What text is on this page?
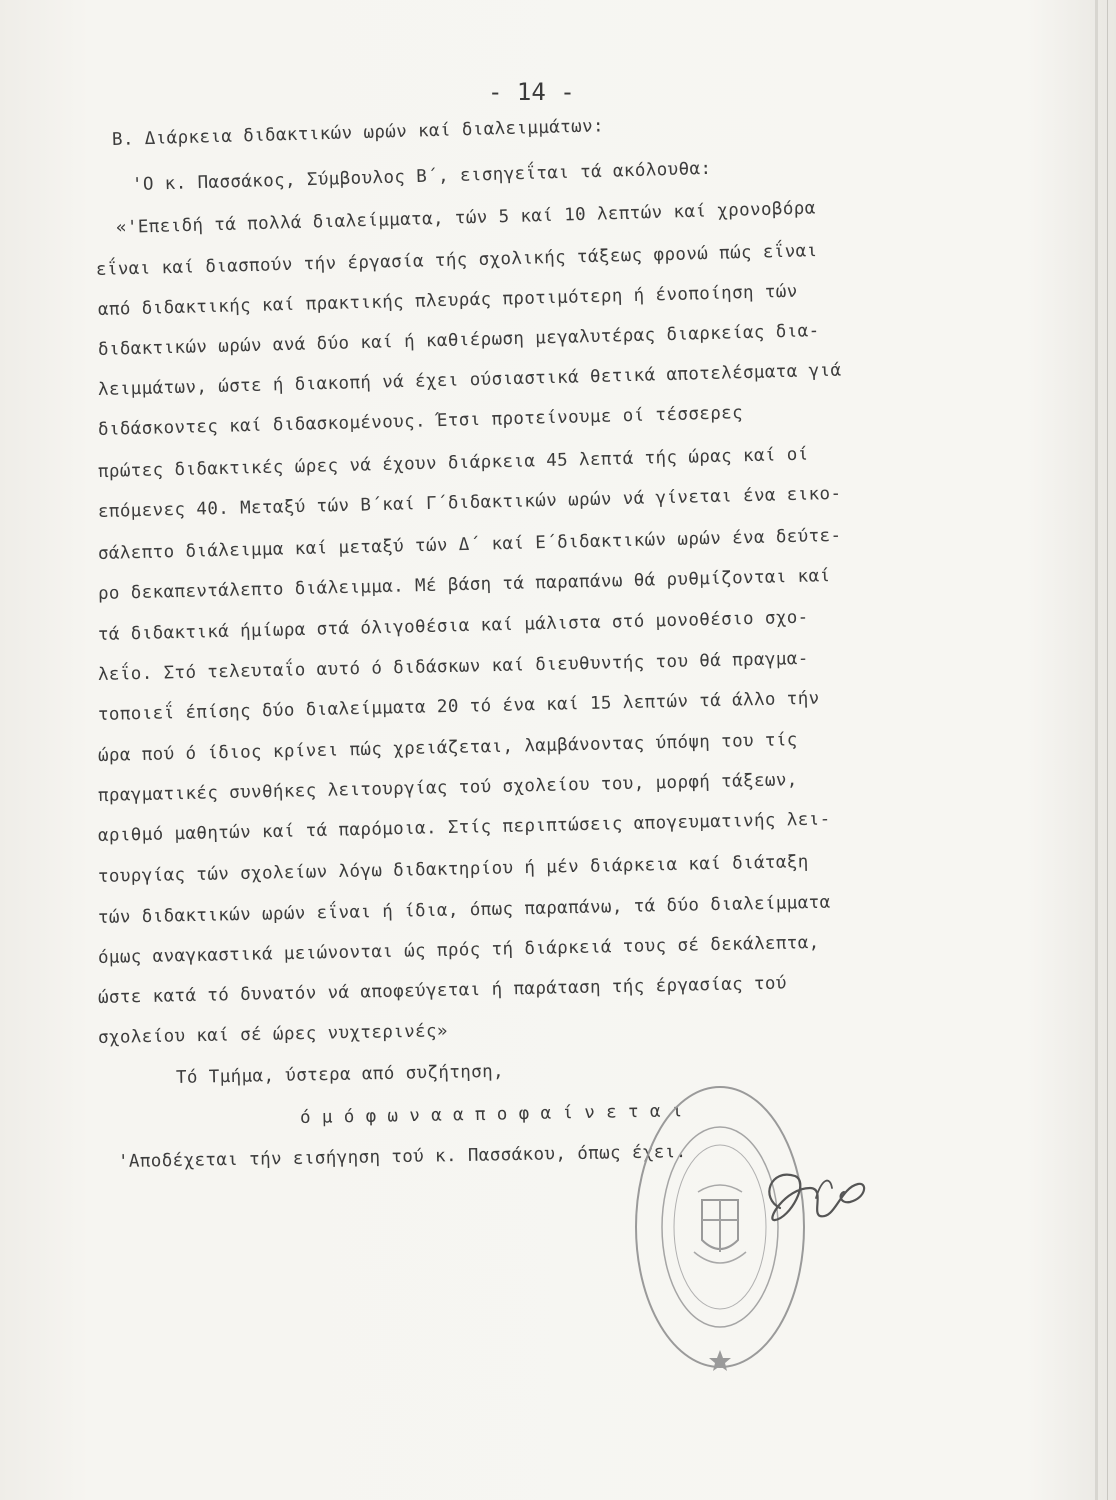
- 14 -
Β. Διάρκεια διδακτικών ωρών καί διαλειμμάτων:
'Ο κ. Πασσάκος, Σύμβουλος Β΄, εισηγεΐται τά ακόλουθα:
«'Επειδή τά πολλά διαλείμματα, τών 5 καί 10 λεπτών καί χρονοβόρα
εΐναι καί διασπούν τήν έργασία τής σχολικής τάξεως φρονώ πώς εΐναι
από διδακτικής καί πρακτικής πλευράς προτιμότερη ή ένοποίηση τών
διδακτικών ωρών ανά δύο καί ή καθιέρωση μεγαλυτέρας διαρκείας δια-
λειμμάτων, ώστε ή διακοπή νά έχει ούσιαστικά θετικά αποτελέσματα γιά
διδάσκοντες καί διδασκομένους. Έτσι προτείνουμε οί τέσσερες
πρώτες διδακτικές ώρες νά έχουν διάρκεια 45 λεπτά τής ώρας καί οί
επόμενες 40. Μεταξύ τών Β΄καί Γ΄διδακτικών ωρών νά γίνεται ένα εικο-
σάλεπτο διάλειμμα καί μεταξύ τών Δ΄ καί Ε΄διδακτικών ωρών ένα δεύτε-
ρο δεκαπεντάλεπτο διάλειμμα. Μέ βάση τά παραπάνω θά ρυθμίζονται καί
τά διδακτικά ήμίωρα στά όλιγοθέσια καί μάλιστα στό μονοθέσιο σχο-
λεΐο. Στό τελευταΐο αυτό ό διδάσκων καί διευθυντής του θά πραγμα-
τοποιεΐ έπίσης δύο διαλείμματα 20 τό ένα καί 15 λεπτών τά άλλο τήν
ώρα πού ό ίδιος κρίνει πώς χρειάζεται, λαμβάνοντας ύπόψη του τίς
πραγματικές συνθήκες λειτουργίας τού σχολείου του, μορφή τάξεων,
αριθμό μαθητών καί τά παρόμοια. Στίς περιπτώσεις απογευματινής λει-
τουργίας τών σχολείων λόγω διδακτηρίου ή μέν διάρκεια καί διάταξη
τών διδακτικών ωρών εΐναι ή ίδια, όπως παραπάνω, τά δύο διαλείμματα
όμως αναγκαστικά μειώνονται ώς πρός τή διάρκειά τους σέ δεκάλεπτα,
ώστε κατά τό δυνατόν νά αποφεύγεται ή παράταση τής έργασίας τού
σχολείου καί σέ ώρες νυχτερινές»
Τό Τμήμα, ύστερα από συζήτηση,
ό μ ό φ ω ν α α π ο φ α ί ν ε τ α ι
'Αποδέχεται τήν εισήγηση τού κ. Πασσάκου, όπως έχει.
